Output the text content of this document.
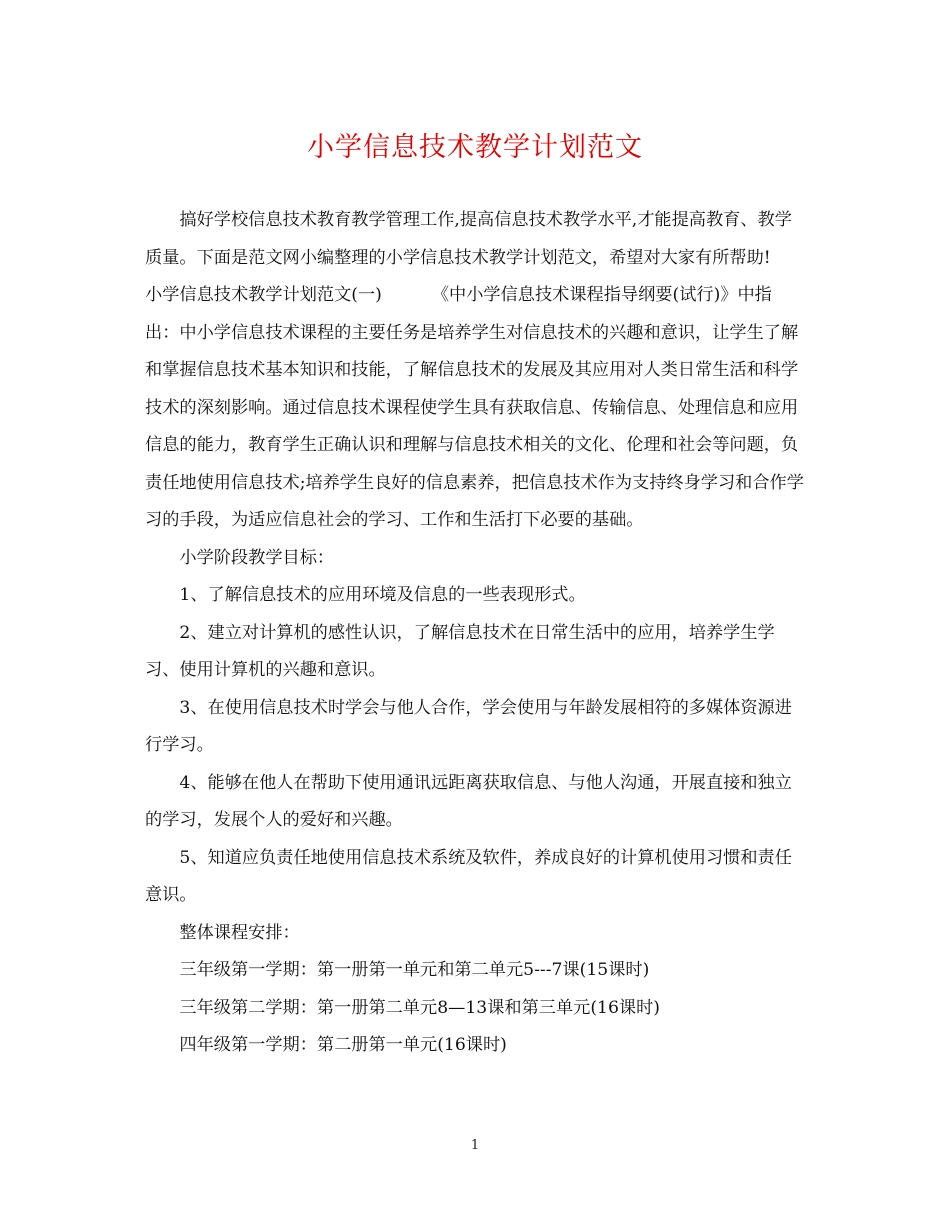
小学信息技术教学计划范文

搞好学校信息技术教育教学管理工作,提高信息技术教学水平,才能提高教育、教学质量。下面是范文网小编整理的小学信息技术教学计划范文，希望对大家有所帮助!

小学信息技术教学计划范文(一)	《中小学信息技术课程指导纲要(试行)》中指出：中小学信息技术课程的主要任务是培养学生对信息技术的兴趣和意识，让学生了解和掌握信息技术基本知识和技能，了解信息技术的发展及其应用对人类日常生活和科学技术的深刻影响。通过信息技术课程使学生具有获取信息、传输信息、处理信息和应用信息的能力，教育学生正确认识和理解与信息技术相关的文化、伦理和社会等问题，负责任地使用信息技术;培养学生良好的信息素养，把信息技术作为支持终身学习和合作学习的手段，为适应信息社会的学习、工作和生活打下必要的基础。

小学阶段教学目标：

1、了解信息技术的应用环境及信息的一些表现形式。

2、建立对计算机的感性认识，了解信息技术在日常生活中的应用，培养学生学习、使用计算机的兴趣和意识。

3、在使用信息技术时学会与他人合作，学会使用与年龄发展相符的多媒体资源进行学习。

4、能够在他人在帮助下使用通讯远距离获取信息、与他人沟通，开展直接和独立的学习，发展个人的爱好和兴趣。

5、知道应负责任地使用信息技术系统及软件，养成良好的计算机使用习惯和责任意识。

整体课程安排：

三年级第一学期：第一册第一单元和第二单元5---7课(15课时)

三年级第二学期：第一册第二单元8—13课和第三单元(16课时)

四年级第一学期：第二册第一单元(16课时)

1
